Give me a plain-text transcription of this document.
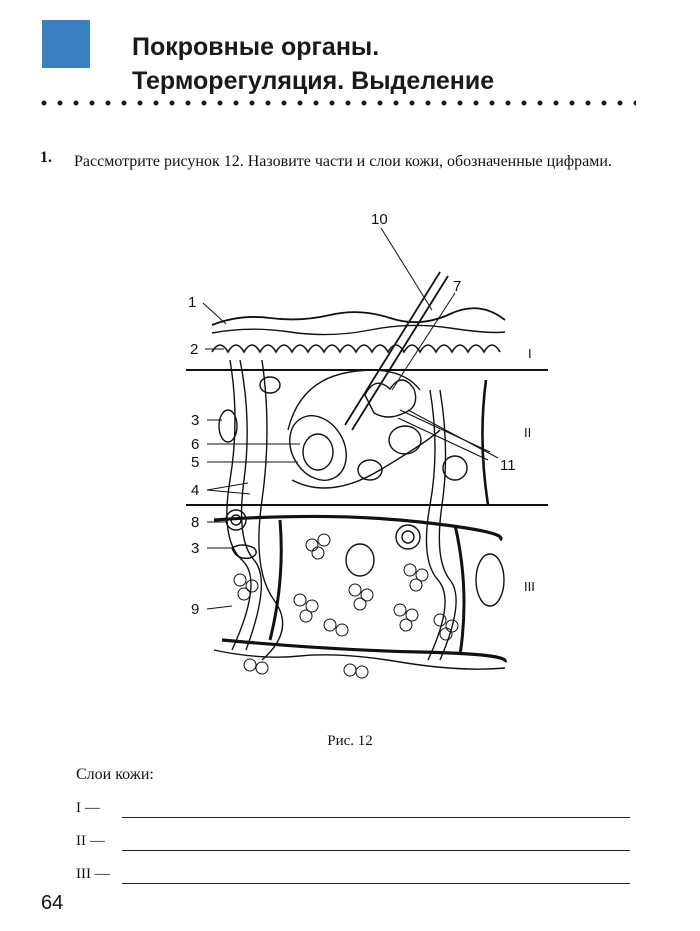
Покровные органы.
Терморегуляция. Выделение
1. Рассмотрите рисунок 12. Назовите части и слои кожи, обозначенные цифрами.

1
2
3
6
5
4
8
3
9
10
7
11
I
II
III
Рис. 12
Слои кожи:
I —
II —
III —
64
